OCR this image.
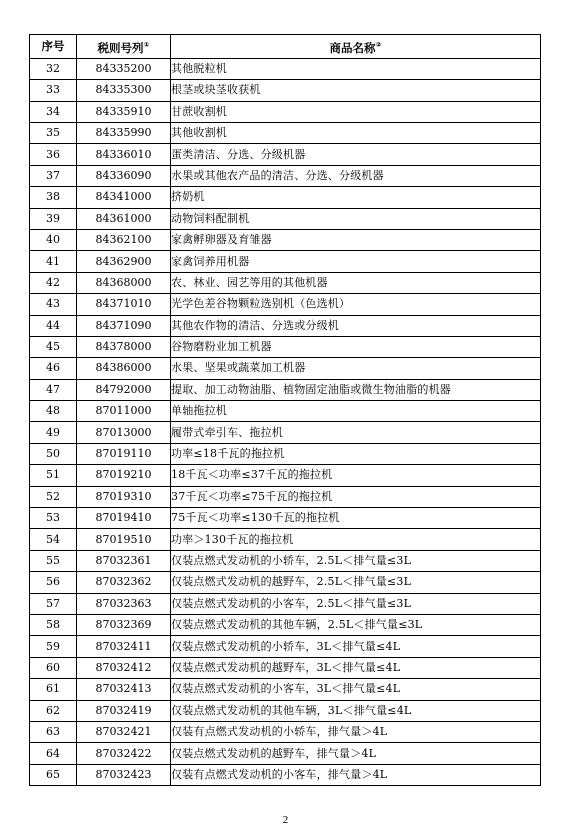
序号	税则号列①	商品名称②
32	84335200	其他脱粒机
33	84335300	根茎或块茎收获机
34	84335910	甘蔗收割机
35	84335990	其他收割机
36	84336010	蛋类清洁、分选、分级机器
37	84336090	水果或其他农产品的清洁、分选、分级机器
38	84341000	挤奶机
39	84361000	动物饲料配制机
40	84362100	家禽孵卵器及育雏器
41	84362900	家禽饲养用机器
42	84368000	农、林业、园艺等用的其他机器
43	84371010	光学色差谷物颗粒选别机（色选机）
44	84371090	其他农作物的清洁、分选或分级机
45	84378000	谷物磨粉业加工机器
46	84386000	水果、坚果或蔬菜加工机器
47	84792000	提取、加工动物油脂、植物固定油脂或微生物油脂的机器
48	87011000	单轴拖拉机
49	87013000	履带式牵引车、拖拉机
50	87019110	功率≤18千瓦的拖拉机
51	87019210	18千瓦＜功率≤37千瓦的拖拉机
52	87019310	37千瓦＜功率≤75千瓦的拖拉机
53	87019410	75千瓦＜功率≤130千瓦的拖拉机
54	87019510	功率＞130千瓦的拖拉机
55	87032361	仅装点燃式发动机的小轿车，2.5L＜排气量≤3L
56	87032362	仅装点燃式发动机的越野车，2.5L＜排气量≤3L
57	87032363	仅装点燃式发动机的小客车，2.5L＜排气量≤3L
58	87032369	仅装点燃式发动机的其他车辆，2.5L＜排气量≤3L
59	87032411	仅装点燃式发动机的小轿车，3L＜排气量≤4L
60	87032412	仅装点燃式发动机的越野车，3L＜排气量≤4L
61	87032413	仅装点燃式发动机的小客车，3L＜排气量≤4L
62	87032419	仅装点燃式发动机的其他车辆，3L＜排气量≤4L
63	87032421	仅装有点燃式发动机的小轿车，排气量＞4L
64	87032422	仅装点燃式发动机的越野车，排气量＞4L
65	87032423	仅装有点燃式发动机的小客车，排气量＞4L
2
